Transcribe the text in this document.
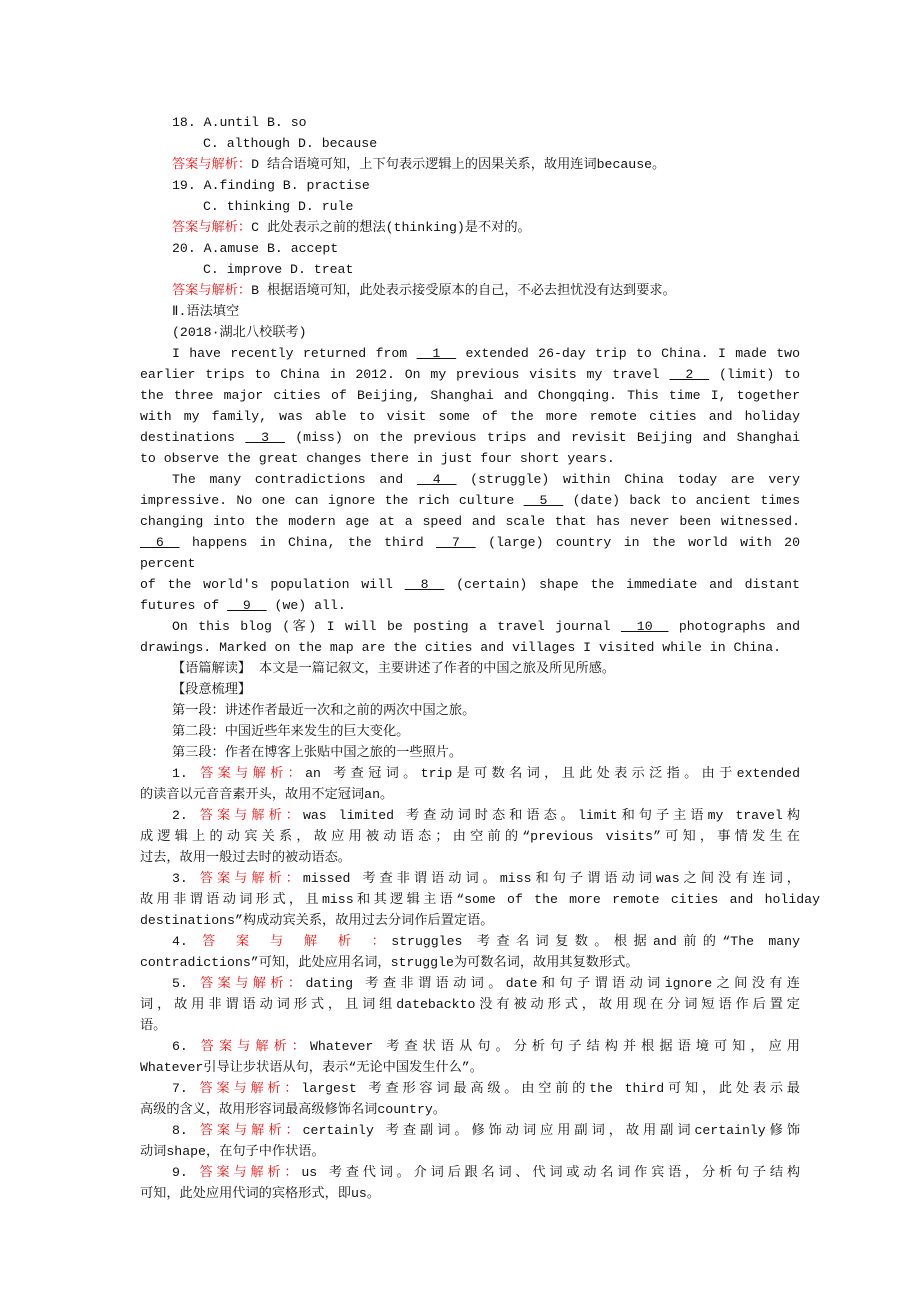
18. A.until B. so
C. although D. because
答案与解析：D 结合语境可知，上下句表示逻辑上的因果关系，故用连词because。
19. A.finding B. practise
C. thinking D. rule
答案与解析：C 此处表示之前的想法(thinking)是不对的。
20. A.amuse B. accept
C. improve D. treat
答案与解析：B 根据语境可知，此处表示接受原本的自己，不必去担忧没有达到要求。
Ⅱ.语法填空
(2018·湖北八校联考)
I have recently returned from   1   extended 26-day trip to China. I made two
earlier trips to China in 2012. On my previous visits my travel   2   (limit) to
the three major cities of Beijing, Shanghai and Chongqing. This time I, together
with my family, was able to visit some of the more remote cities and holiday
destinations   3   (miss) on the previous trips and revisit Beijing and Shanghai
to observe the great changes there in just four short years.
The many contradictions and   4   (struggle) within China today are very
impressive. No one can ignore the rich culture   5   (date) back to ancient times
changing into the modern age at a speed and scale that has never been witnessed.
6   happens in China, the third   7   (large) country in the world with 20 percent
of the world's population will   8   (certain) shape the immediate and distant
futures of   9   (we) all.
On this blog (客) I will be posting a travel journal   10   photographs and
drawings. Marked on the map are the cities and villages I visited while in China.
【语篇解读】 本文是一篇记叙文，主要讲述了作者的中国之旅及所见所感。
【段意梳理】
第一段：讲述作者最近一次和之前的两次中国之旅。
第二段：中国近些年来发生的巨大变化。
第三段：作者在博客上张贴中国之旅的一些照片。
1. 答案与解析：an 考查冠词。trip是可数名词，且此处表示泛指。由于extended
的读音以元音音素开头，故用不定冠词an。
2. 答案与解析：was limited 考查动词时态和语态。limit和句子主语my travel构
成逻辑上的动宾关系，故应用被动语态；由空前的“previous visits”可知，事情发生在
过去，故用一般过去时的被动语态。
3. 答案与解析：missed 考查非谓语动词。miss和句子谓语动词was之间没有连词，
故用非谓语动词形式，且miss和其逻辑主语“some of the more remote cities and holiday
destinations”构成动宾关系，故用过去分词作后置定语。
4. 答 案 与 解 析 ：struggles 考查名词复数。根据and前的“The many
contradictions”可知，此处应用名词，struggle为可数名词，故用其复数形式。
5. 答案与解析：dating 考查非谓语动词。date和句子谓语动词ignore之间没有连
词，故用非谓语动词形式，且词组datebackto没有被动形式，故用现在分词短语作后置定
语。
6. 答案与解析：Whatever 考查状语从句。分析句子结构并根据语境可知，应用
Whatever引导让步状语从句，表示“无论中国发生什么”。
7. 答案与解析：largest 考查形容词最高级。由空前的the third可知，此处表示最
高级的含义，故用形容词最高级修饰名词country。
8. 答案与解析：certainly 考查副词。修饰动词应用副词，故用副词certainly修饰
动词shape，在句子中作状语。
9. 答案与解析：us 考查代词。介词后跟名词、代词或动名词作宾语，分析句子结构
可知，此处应用代词的宾格形式，即us。
